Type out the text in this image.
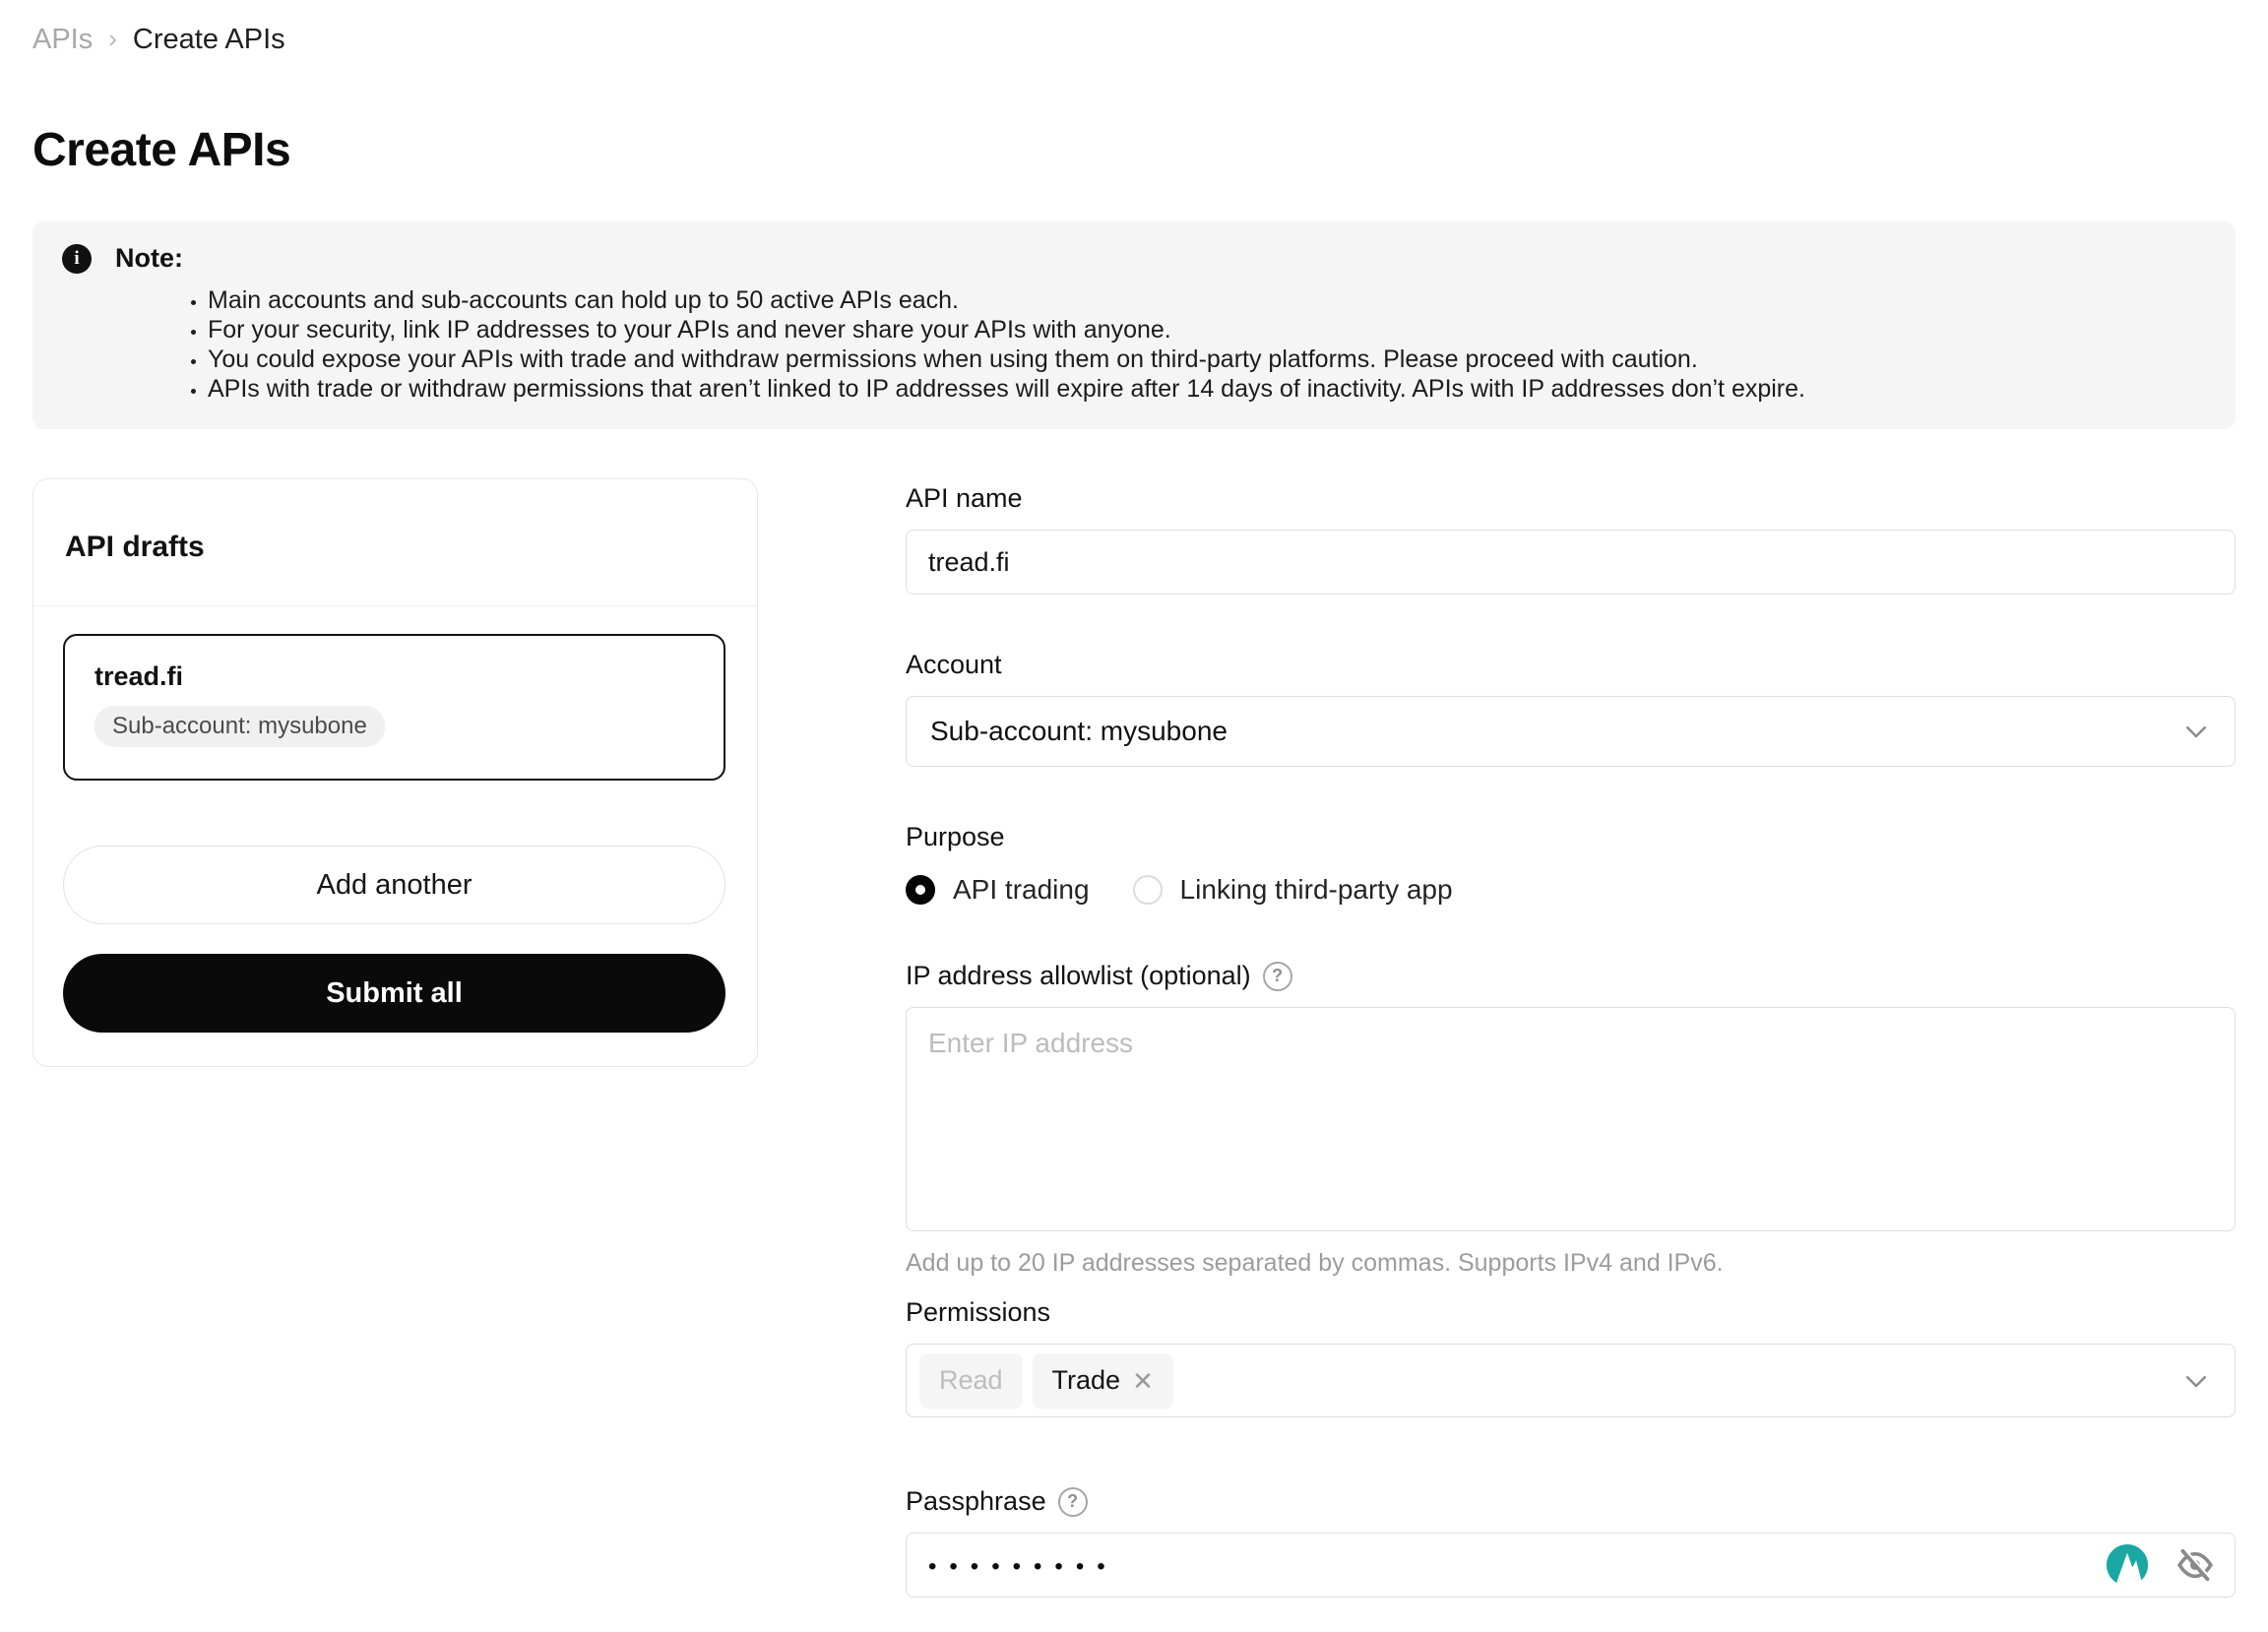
APIs › Create APIs
Create APIs
i	Note:
• Main accounts and sub-accounts can hold up to 50 active APIs each.
• For your security, link IP addresses to your APIs and never share your APIs with anyone.
• You could expose your APIs with trade and withdraw permissions when using them on third-party platforms. Please proceed with caution.
• APIs with trade or withdraw permissions that aren’t linked to IP addresses will expire after 14 days of inactivity. APIs with IP addresses don’t expire.
API drafts
tread.fi
Sub-account: mysubone
Add another
Submit all
API name
tread.fi
Account
Sub-account: mysubone
Purpose
API trading	Linking third-party app
IP address allowlist (optional)	?
Enter IP address
Add up to 20 IP addresses separated by commas. Supports IPv4 and IPv6.
Permissions
Read Trade ✕
Passphrase	?
•••••••••
